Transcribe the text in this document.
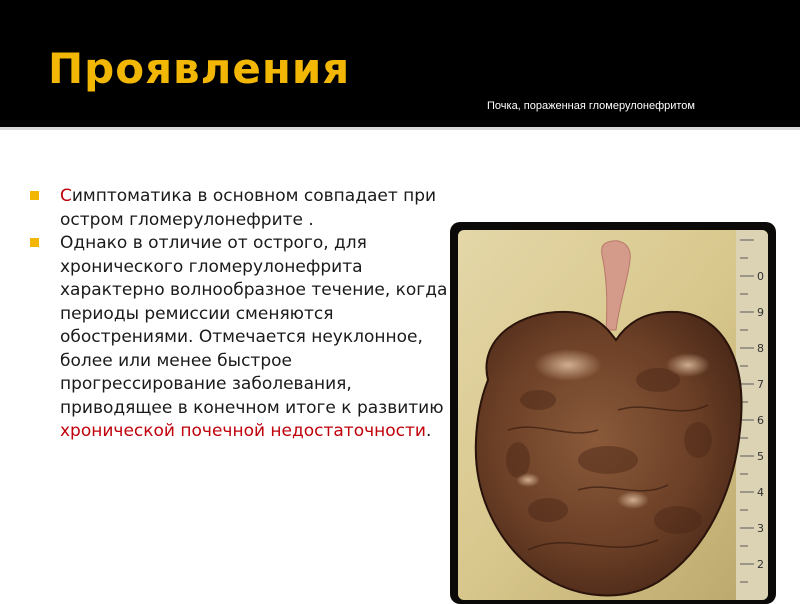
Проявления
Почка, пораженная гломерулонефритом
Симптоматика в основном совпадает при остром гломерулонефрите .
Однако в отличие от острого, для хронического гломерулонефрита характерно волнообразное течение, когда периоды ремиссии сменяются обострениями. Отмечается неуклонное, более или менее быстрое прогрессирование заболевания, приводящее в конечном итоге к развитию хронической почечной недостаточности.
0
9
8
7
6
5
4
3
2
